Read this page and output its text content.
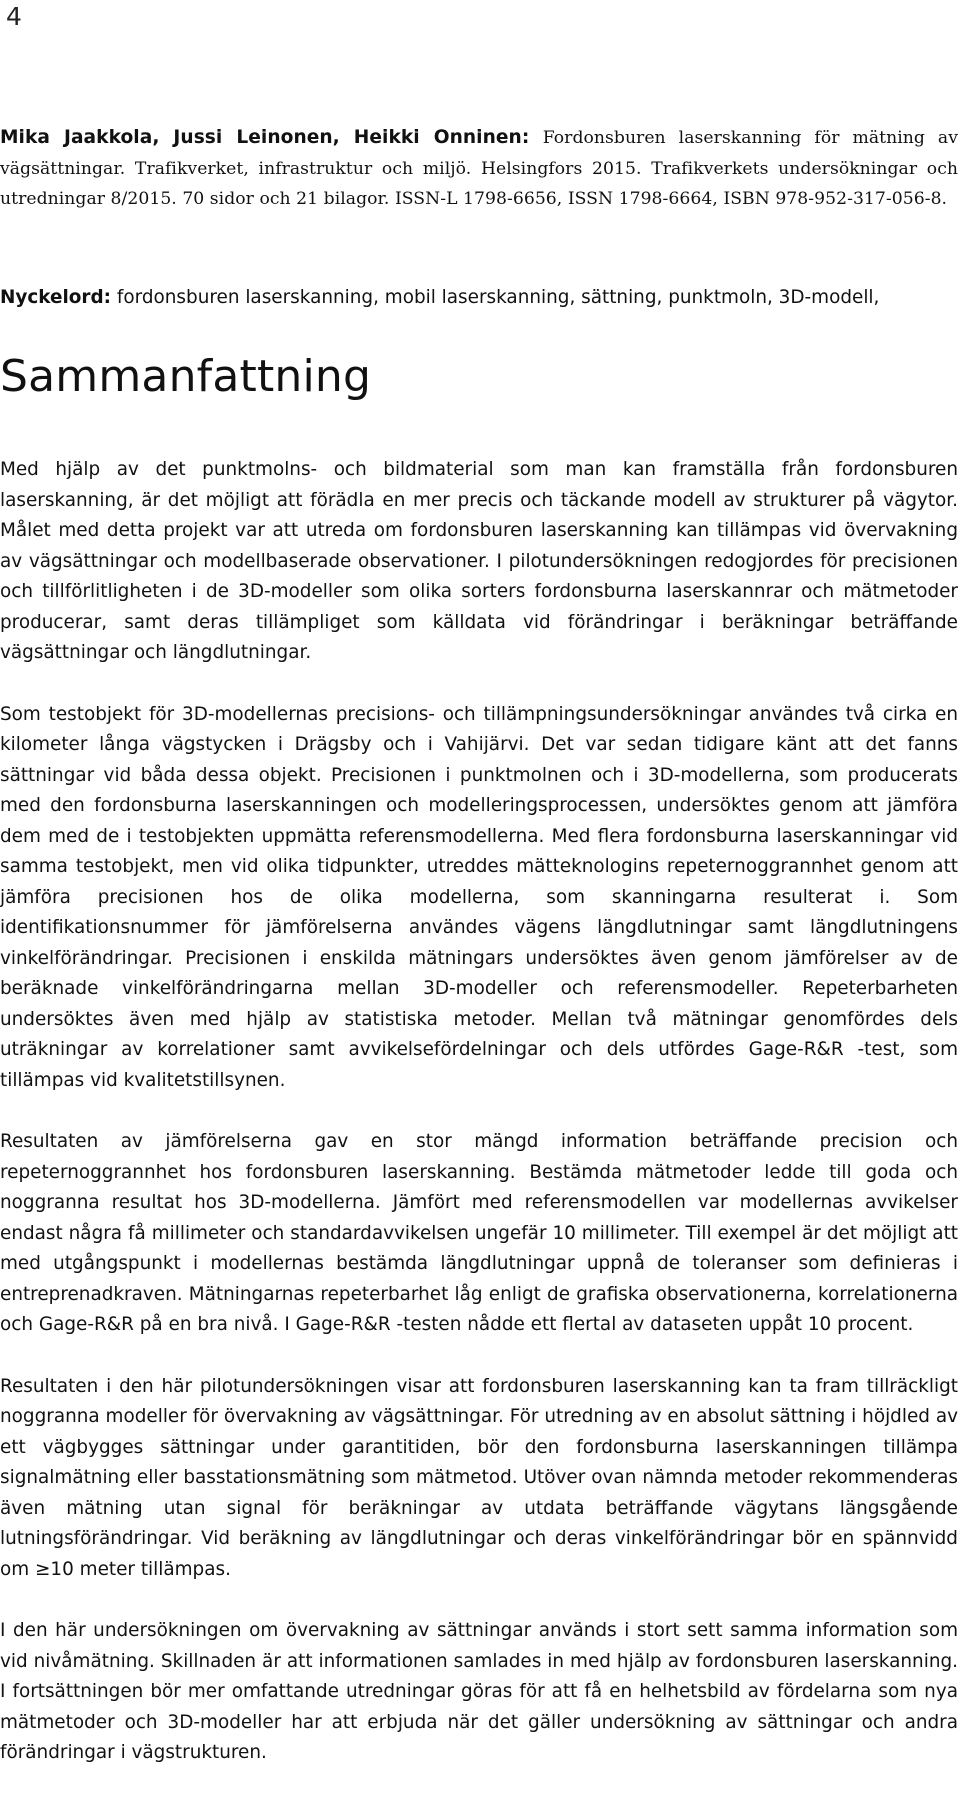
4
Mika Jaakkola, Jussi Leinonen, Heikki Onninen: Fordonsburen laserskanning för mätning av vägsättningar. Trafikverket, infrastruktur och miljö. Helsingfors 2015. Trafikverkets undersökningar och utredningar 8/2015. 70 sidor och 21 bilagor. ISSN-L 1798-6656, ISSN 1798-6664, ISBN 978-952-317-056-8.
Nyckelord: fordonsburen laserskanning, mobil laserskanning, sättning, punktmoln, 3D-modell,
Sammanfattning

Med hjälp av det punktmolns- och bildmaterial som man kan framställa från fordonsburen laserskanning, är det möjligt att förädla en mer precis och täckande modell av strukturer på vägytor. Målet med detta projekt var att utreda om fordonsburen laserskanning kan tillämpas vid övervakning av vägsättningar och modellbaserade observationer. I pilotundersökningen redogjordes för precisionen och tillförlitligheten i de 3D-modeller som olika sorters fordonsburna laserskannrar och mätmetoder producerar, samt deras tillämpliget som källdata vid förändringar i beräkningar beträffande vägsättningar och längdlutningar.

Som testobjekt för 3D-modellernas precisions- och tillämpningsundersökningar användes två cirka en kilometer långa vägstycken i Drägsby och i Vahijärvi. Det var sedan tidigare känt att det fanns sättningar vid båda dessa objekt. Precisionen i punktmolnen och i 3D-modellerna, som producerats med den fordonsburna laserskanningen och modelleringsprocessen, undersöktes genom att jämföra dem med de i testobjekten uppmätta referensmodellerna. Med flera fordonsburna laserskanningar vid samma testobjekt, men vid olika tidpunkter, utreddes mätteknologins repeternoggrannhet genom att jämföra precisionen hos de olika modellerna, som skanningarna resulterat i. Som identifikationsnummer för jämförelserna användes vägens längdlutningar samt längdlutningens vinkelförändringar. Precisionen i enskilda mätningars undersöktes även genom jämförelser av de beräknade vinkelförändringarna mellan 3D-modeller och referensmodeller. Repeterbarheten undersöktes även med hjälp av statistiska metoder. Mellan två mätningar genomfördes dels uträkningar av korrelationer samt avvikelsefördelningar och dels utfördes Gage-R&R -test, som tillämpas vid kvalitetstillsynen.

Resultaten av jämförelserna gav en stor mängd information beträffande precision och repeternoggrannhet hos fordonsburen laserskanning. Bestämda mätmetoder ledde till goda och noggranna resultat hos 3D-modellerna. Jämfört med referensmodellen var modellernas avvikelser endast några få millimeter och standardavvikelsen ungefär 10 millimeter. Till exempel är det möjligt att med utgångspunkt i modellernas bestämda längdlutningar uppnå de toleranser som definieras i entreprenadkraven. Mätningarnas repeterbarhet låg enligt de grafiska observationerna, korrelationerna och Gage-R&R på en bra nivå. I Gage-R&R -testen nådde ett flertal av dataseten uppåt 10 procent.

Resultaten i den här pilotundersökningen visar att fordonsburen laserskanning kan ta fram tillräckligt noggranna modeller för övervakning av vägsättningar. För utredning av en absolut sättning i höjdled av ett vägbygges sättningar under garantitiden, bör den fordonsburna laserskanningen tillämpa signalmätning eller basstationsmätning som mätmetod. Utöver ovan nämnda metoder rekommenderas även mätning utan signal för beräkningar av utdata beträffande vägytans längsgående lutningsförändringar. Vid beräkning av längdlutningar och deras vinkelförändringar bör en spännvidd om ≥10 meter tillämpas.

I den här undersökningen om övervakning av sättningar används i stort sett samma information som vid nivåmätning. Skillnaden är att informationen samlades in med hjälp av fordonsburen laserskanning. I fortsättningen bör mer omfattande utredningar göras för att få en helhetsbild av fördelarna som nya mätmetoder och 3D-modeller har att erbjuda när det gäller undersökning av sättningar och andra förändringar i vägstrukturen.
